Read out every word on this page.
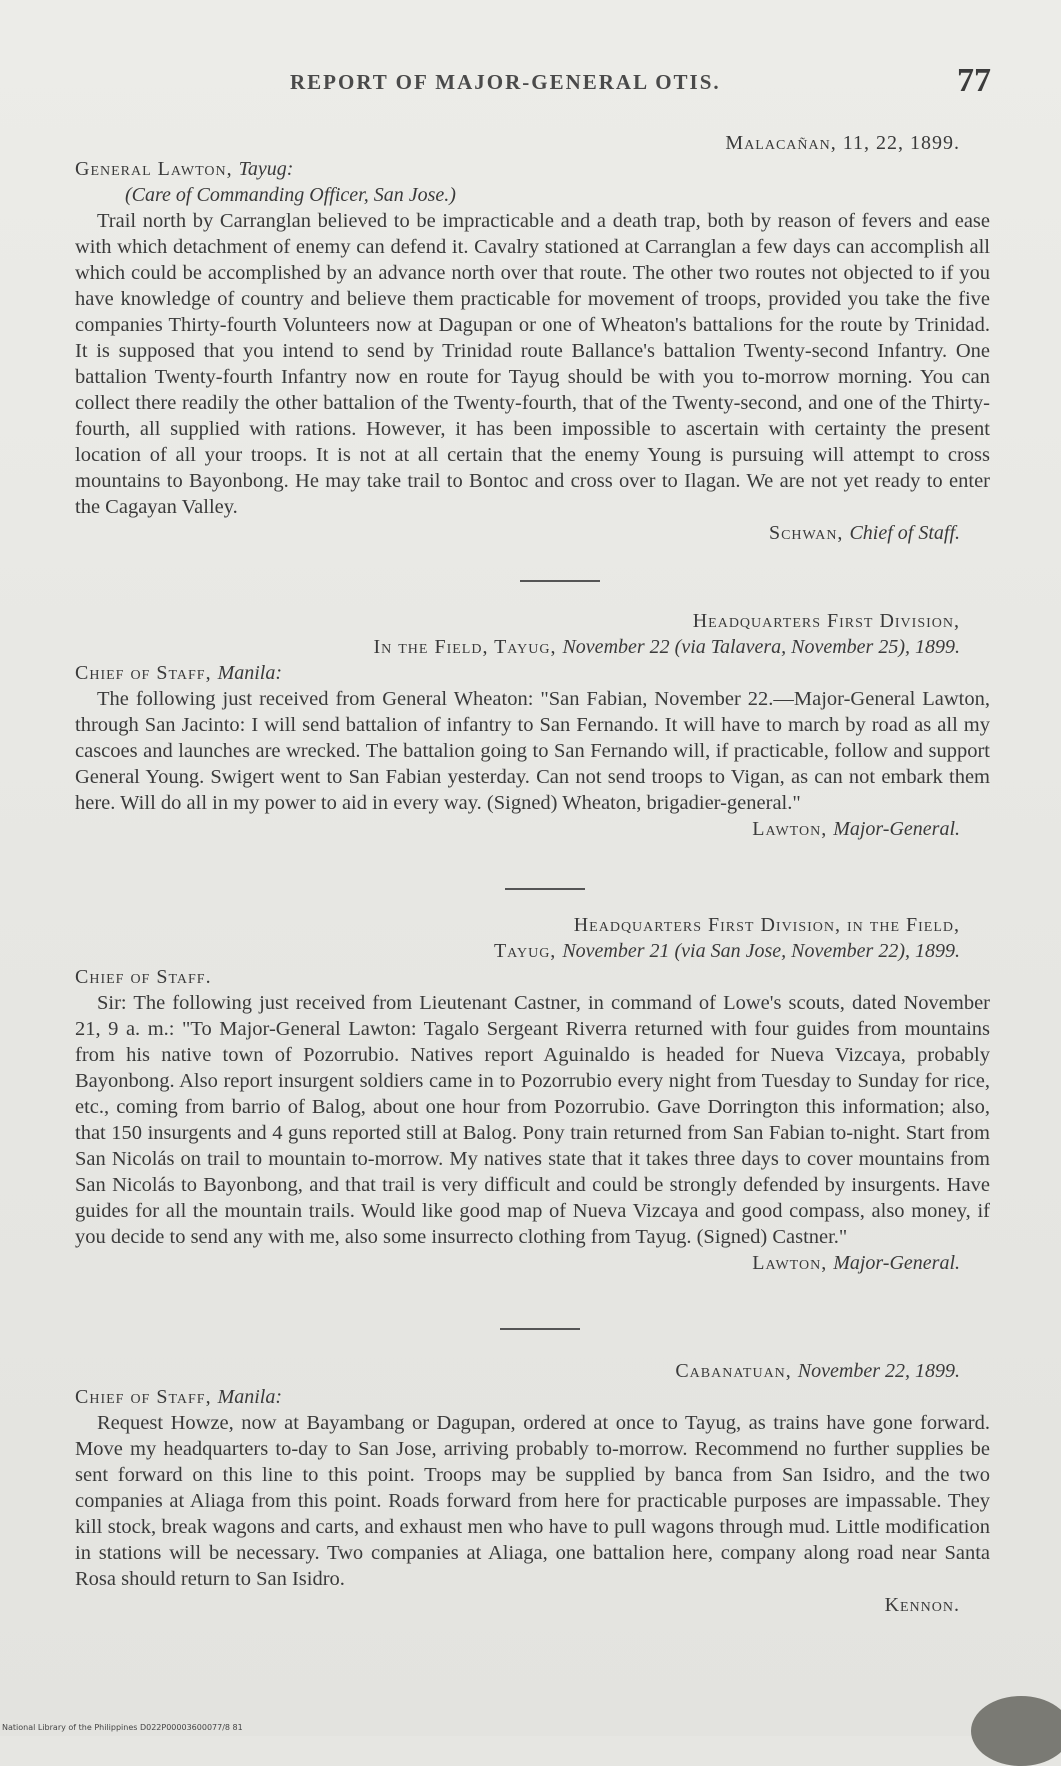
REPORT OF MAJOR-GENERAL OTIS.	77
Malacañan, 11, 22, 1899.
General Lawton, Tayug:
(Care of Commanding Officer, San Jose.)

Trail north by Carranglan believed to be impracticable and a death trap, both by reason of fevers and ease with which detachment of enemy can defend it. Cavalry stationed at Carranglan a few days can accomplish all which could be accomplished by an advance north over that route. The other two routes not objected to if you have knowledge of country and believe them practicable for movement of troops, provided you take the five companies Thirty-fourth Volunteers now at Dagupan or one of Wheaton's battalions for the route by Trinidad. It is supposed that you intend to send by Trinidad route Ballance's battalion Twenty-second Infantry. One battalion Twenty-fourth Infantry now en route for Tayug should be with you to-morrow morning. You can collect there readily the other battalion of the Twenty-fourth, that of the Twenty-second, and one of the Thirty-fourth, all supplied with rations. However, it has been impossible to ascertain with certainty the present location of all your troops. It is not at all certain that the enemy Young is pursuing will attempt to cross mountains to Bayonbong. He may take trail to Bontoc and cross over to Ilagan. We are not yet ready to enter the Cagayan Valley.

Schwan, Chief of Staff.
Headquarters First Division,
In the Field, Tayug, November 22 (via Talavera, November 25), 1899.
Chief of Staff, Manila:

The following just received from General Wheaton: "San Fabian, November 22.—Major-General Lawton, through San Jacinto: I will send battalion of infantry to San Fernando. It will have to march by road as all my cascoes and launches are wrecked. The battalion going to San Fernando will, if practicable, follow and support General Young. Swigert went to San Fabian yesterday. Can not send troops to Vigan, as can not embark them here. Will do all in my power to aid in every way. (Signed) Wheaton, brigadier-general."

Lawton, Major-General.
Headquarters First Division, in the Field,
Tayug, November 21 (via San Jose, November 22), 1899.
Chief of Staff.

Sir: The following just received from Lieutenant Castner, in command of Lowe's scouts, dated November 21, 9 a. m.: "To Major-General Lawton: Tagalo Sergeant Riverra returned with four guides from mountains from his native town of Pozorrubio. Natives report Aguinaldo is headed for Nueva Vizcaya, probably Bayonbong. Also report insurgent soldiers came in to Pozorrubio every night from Tuesday to Sunday for rice, etc., coming from barrio of Balog, about one hour from Pozorrubio. Gave Dorrington this information; also, that 150 insurgents and 4 guns reported still at Balog. Pony train returned from San Fabian to-night. Start from San Nicolás on trail to mountain to-morrow. My natives state that it takes three days to cover mountains from San Nicolás to Bayonbong, and that trail is very difficult and could be strongly defended by insurgents. Have guides for all the mountain trails. Would like good map of Nueva Vizcaya and good compass, also money, if you decide to send any with me, also some insurrecto clothing from Tayug. (Signed) Castner."

Lawton, Major-General.
Cabanatuan, November 22, 1899.
Chief of Staff, Manila:

Request Howze, now at Bayambang or Dagupan, ordered at once to Tayug, as trains have gone forward. Move my headquarters to-day to San Jose, arriving probably to-morrow. Recommend no further supplies be sent forward on this line to this point. Troops may be supplied by banca from San Isidro, and the two companies at Aliaga from this point. Roads forward from here for practicable purposes are impassable. They kill stock, break wagons and carts, and exhaust men who have to pull wagons through mud. Little modification in stations will be necessary. Two companies at Aliaga, one battalion here, company along road near Santa Rosa should return to San Isidro.

Kennon.
National Library of the Philippines D022P00003600077/8 81
